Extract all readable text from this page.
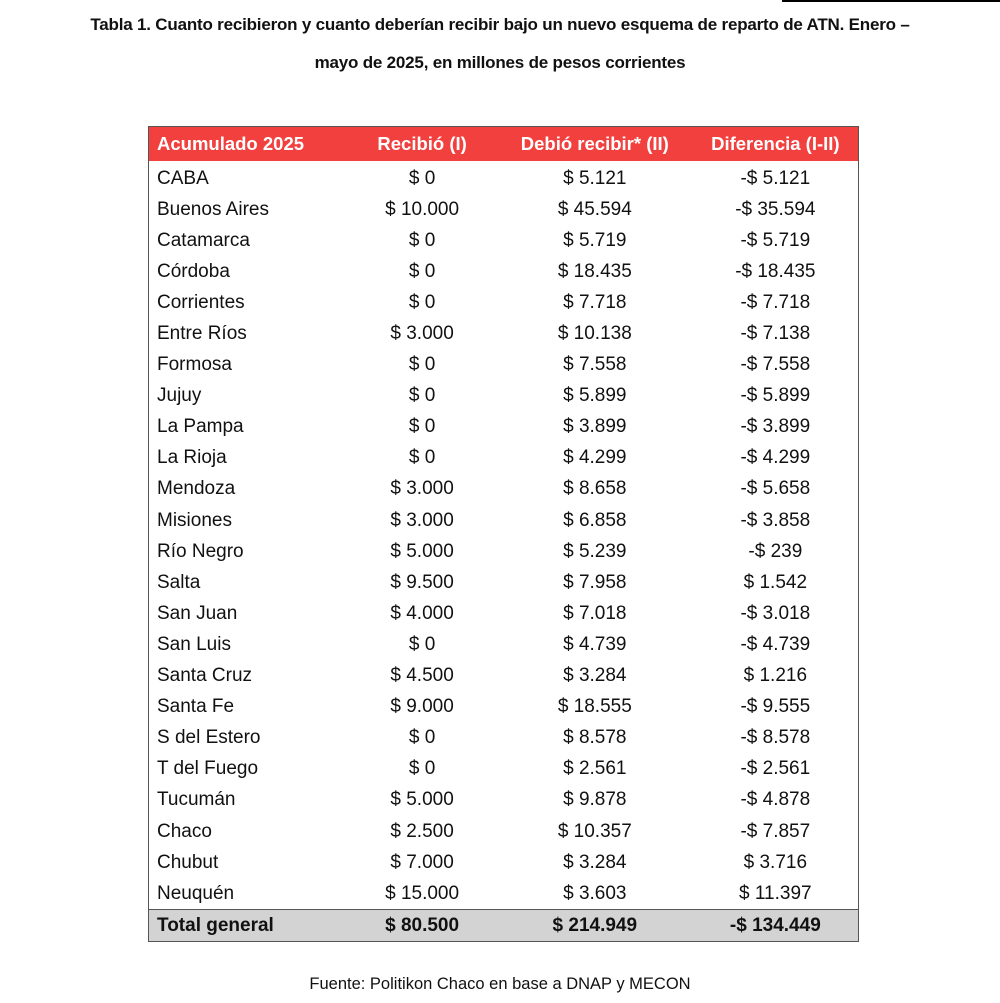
Tabla 1. Cuanto recibieron y cuanto deberían recibir bajo un nuevo esquema de reparto de ATN. Enero –
mayo de 2025, en millones de pesos corrientes
Acumulado 2025	Recibió (I)	Debió recibir* (II)	Diferencia (I-II)
CABA	$ 0	$ 5.121	-$ 5.121
Buenos Aires	$ 10.000	$ 45.594	-$ 35.594
Catamarca	$ 0	$ 5.719	-$ 5.719
Córdoba	$ 0	$ 18.435	-$ 18.435
Corrientes	$ 0	$ 7.718	-$ 7.718
Entre Ríos	$ 3.000	$ 10.138	-$ 7.138
Formosa	$ 0	$ 7.558	-$ 7.558
Jujuy	$ 0	$ 5.899	-$ 5.899
La Pampa	$ 0	$ 3.899	-$ 3.899
La Rioja	$ 0	$ 4.299	-$ 4.299
Mendoza	$ 3.000	$ 8.658	-$ 5.658
Misiones	$ 3.000	$ 6.858	-$ 3.858
Río Negro	$ 5.000	$ 5.239	-$ 239
Salta	$ 9.500	$ 7.958	$ 1.542
San Juan	$ 4.000	$ 7.018	-$ 3.018
San Luis	$ 0	$ 4.739	-$ 4.739
Santa Cruz	$ 4.500	$ 3.284	$ 1.216
Santa Fe	$ 9.000	$ 18.555	-$ 9.555
S del Estero	$ 0	$ 8.578	-$ 8.578
T del Fuego	$ 0	$ 2.561	-$ 2.561
Tucumán	$ 5.000	$ 9.878	-$ 4.878
Chaco	$ 2.500	$ 10.357	-$ 7.857
Chubut	$ 7.000	$ 3.284	$ 3.716
Neuquén	$ 15.000	$ 3.603	$ 11.397
Total general	$ 80.500	$ 214.949	-$ 134.449
Fuente: Politikon Chaco en base a DNAP y MECON
